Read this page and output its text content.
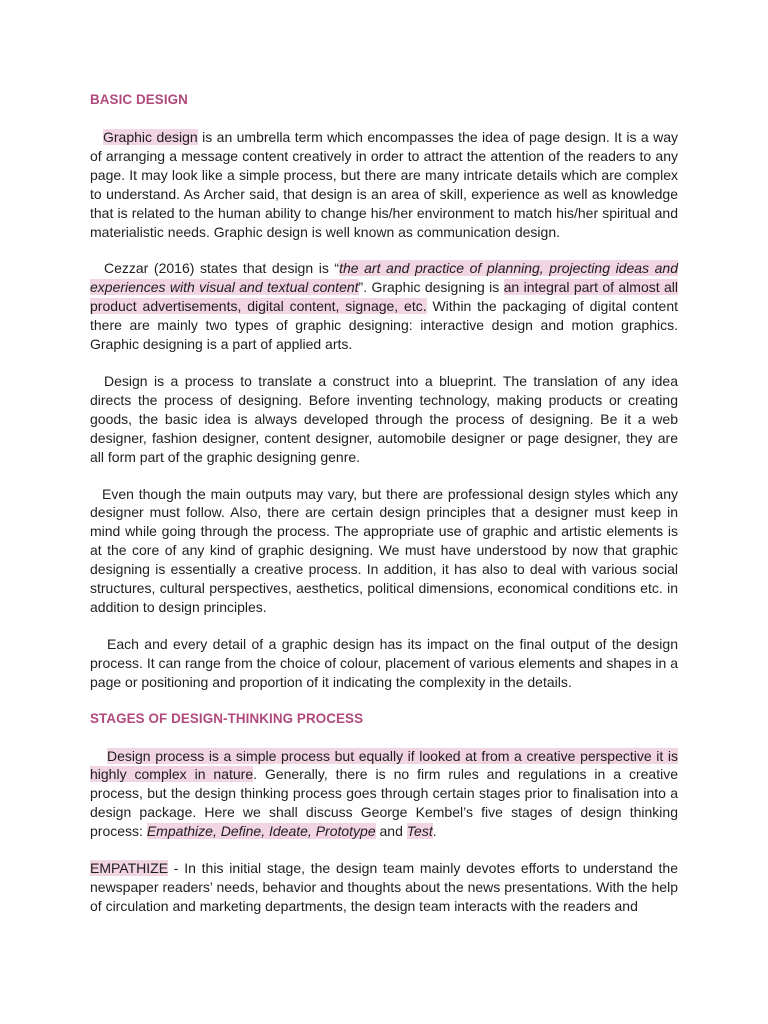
BASIC DESIGN

Graphic design is an umbrella term which encompasses the idea of page design. It is a way of arranging a message content creatively in order to attract the attention of the readers to any page. It may look like a simple process, but there are many intricate details which are complex to understand. As Archer said, that design is an area of skill, experience as well as knowledge that is related to the human ability to change his/her environment to match his/her spiritual and materialistic needs. Graphic design is well known as communication design.

Cezzar (2016) states that design is “the art and practice of planning, projecting ideas and experiences with visual and textual content”. Graphic designing is an integral part of almost all product advertisements, digital content, signage, etc. Within the packaging of digital content there are mainly two types of graphic designing: interactive design and motion graphics. Graphic designing is a part of applied arts.

Design is a process to translate a construct into a blueprint. The translation of any idea directs the process of designing. Before inventing technology, making products or creating goods, the basic idea is always developed through the process of designing. Be it a web designer, fashion designer, content designer, automobile designer or page designer, they are all form part of the graphic designing genre.

Even though the main outputs may vary, but there are professional design styles which any designer must follow. Also, there are certain design principles that a designer must keep in mind while going through the process. The appropriate use of graphic and artistic elements is at the core of any kind of graphic designing. We must have understood by now that graphic designing is essentially a creative process. In addition, it has also to deal with various social structures, cultural perspectives, aesthetics, political dimensions, economical conditions etc. in addition to design principles.

Each and every detail of a graphic design has its impact on the final output of the design process. It can range from the choice of colour, placement of various elements and shapes in a page or positioning and proportion of it indicating the complexity in the details.

STAGES OF DESIGN-THINKING PROCESS

Design process is a simple process but equally if looked at from a creative perspective it is highly complex in nature. Generally, there is no firm rules and regulations in a creative process, but the design thinking process goes through certain stages prior to finalisation into a design package. Here we shall discuss George Kembel’s five stages of design thinking process: Empathize, Define, Ideate, Prototype and Test.

EMPATHIZE - In this initial stage, the design team mainly devotes efforts to understand the newspaper readers’ needs, behavior and thoughts about the news presentations. With the help of circulation and marketing departments, the design team interacts with the readers and
